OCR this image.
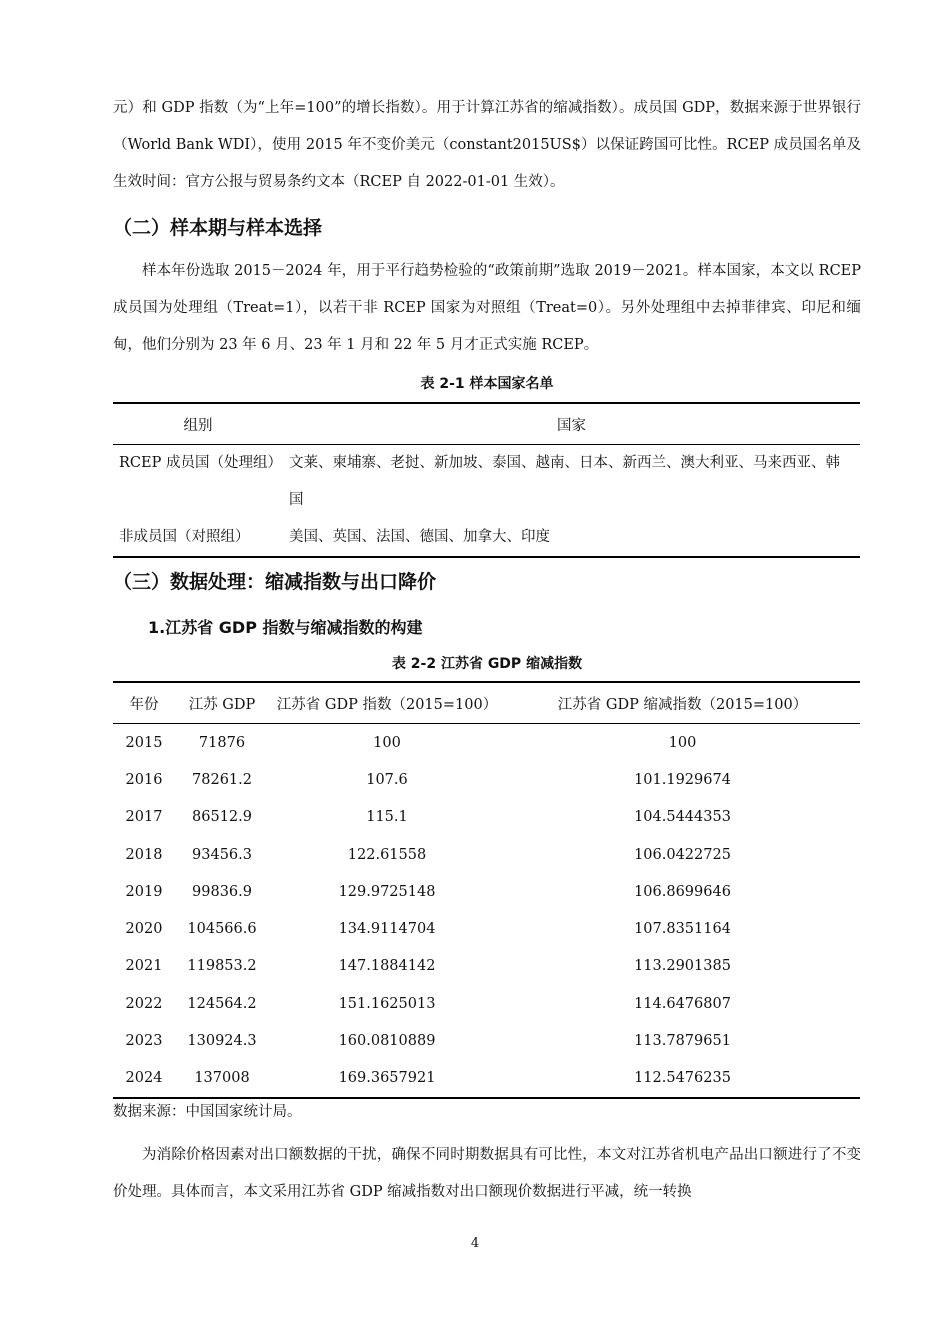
元）和 GDP 指数（为“上年=100”的增长指数）。用于计算江苏省的缩减指数）。成员国 GDP，数据来源于世界银行（World Bank WDI），使用 2015 年不变价美元（constant2015US$）以保证跨国可比性。RCEP 成员国名单及生效时间：官方公报与贸易条约文本（RCEP 自 2022-01-01 生效）。

（二）样本期与样本选择

样本年份选取 2015－2024 年，用于平行趋势检验的“政策前期”选取 2019－2021。样本国家，本文以 RCEP 成员国为处理组（Treat=1），以若干非 RCEP 国家为对照组（Treat=0）。另外处理组中去掉菲律宾、印尼和缅甸，他们分别为 23 年 6 月、23 年 1 月和 22 年 5 月才正式实施 RCEP。

表 2-1 样本国家名单
组别	国家
RCEP 成员国（处理组）	文莱、柬埔寨、老挝、新加坡、泰国、越南、日本、新西兰、澳大利亚、马来西亚、韩国
非成员国（对照组）	美国、英国、法国、德国、加拿大、印度
（三）数据处理：缩减指数与出口降价
1.江苏省 GDP 指数与缩减指数的构建
表 2-2 江苏省 GDP 缩减指数
年份	江苏 GDP	江苏省 GDP 指数（2015=100）	江苏省 GDP 缩减指数（2015=100）
2015	71876	100	100
2016	78261.2	107.6	101.1929674
2017	86512.9	115.1	104.5444353
2018	93456.3	122.61558	106.0422725
2019	99836.9	129.9725148	106.8699646
2020	104566.6	134.9114704	107.8351164
2021	119853.2	147.1884142	113.2901385
2022	124564.2	151.1625013	114.6476807
2023	130924.3	160.0810889	113.7879651
2024	137008	169.3657921	112.5476235

数据来源：中国国家统计局。

为消除价格因素对出口额数据的干扰，确保不同时期数据具有可比性，本文对江苏省机电产品出口额进行了不变价处理。具体而言，本文采用江苏省 GDP 缩减指数对出口额现价数据进行平减，统一转换

4
